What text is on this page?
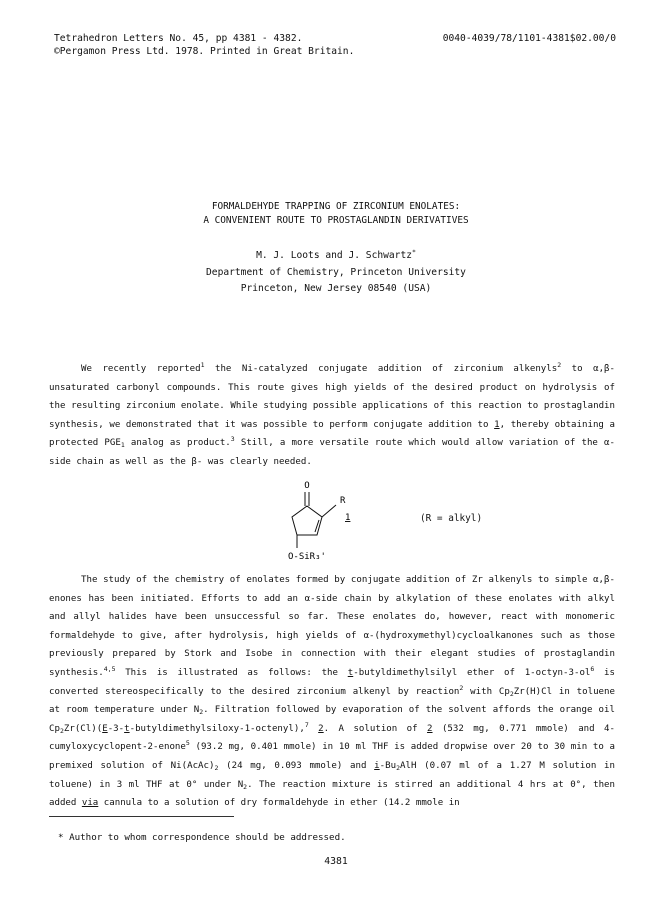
Tetrahedron Letters No. 45, pp 4381 - 4382.
©Pergamon Press Ltd. 1978. Printed in Great Britain.
0040-4039/78/1101-4381$02.00/0
FORMALDEHYDE TRAPPING OF ZIRCONIUM ENOLATES:
A CONVENIENT ROUTE TO PROSTAGLANDIN DERIVATIVES
M. J. Loots and J. Schwartz*
Department of Chemistry, Princeton University
Princeton, New Jersey 08540 (USA)

We recently reported$^1$ the Ni-catalyzed conjugate addition of zirconium alkenyls$^2$ to α,β-unsaturated carbonyl compounds. This route gives high yields of the desired product on hydrolysis of the resulting zirconium enolate. While studying possible applications of this reaction to prostaglandin synthesis, we demonstrated that it was possible to perform conjugate addition to 1, thereby obtaining a protected $PGE_1$ analog as product.$^3$ Still, a more versatile route which would allow variation of the α-side chain as well as the β- was clearly needed.

O
R
1
O-SiR₃'
(R = alkyl)

The study of the chemistry of enolates formed by conjugate addition of Zr alkenyls to simple α,β-enones has been initiated. Efforts to add an α-side chain by alkylation of these enolates with alkyl and allyl halides have been unsuccessful so far. These enolates do, however, react with monomeric formaldehyde to give, after hydrolysis, high yields of α-(hydroxymethyl)cycloalkanones such as those previously prepared by Stork and Isobe in connection with their elegant studies of prostaglandin synthesis.$^{4,5}$ This is illustrated as follows: the t-butyldimethylsilyl ether of $1-octyn-3-ol^6$ is converted stereospecifically to the desired zirconium alkenyl by reaction$^2$ with $Cp_2Zr(H)Cl$ in toluene at room temperature under $N_2$. Filtration followed by evaporation of the solvent affords the orange oil $Cp_2Zr(Cl)(E-3-t-butyldimethylsiloxy-1-octenyl),^7$ 2. A solution of 2 (532 mg, 0.771 mmole) and 4-cumyloxycyclopent-2-enone$^5$ (93.2 mg, 0.401 mmole) in 10 ml THF is added dropwise over 20 to 30 min to a premixed solution of $Ni(AcAc)_2$ (24 mg, 0.093 mmole) and $i-Bu_2AlH$ (0.07 ml of a 1.27 M solution in toluene) in 3 ml THF at 0° under $N_2$. The reaction mixture is stirred an additional 4 hrs at 0°, then added via cannula to a solution of dry formaldehyde in ether (14.2 mmole in

* Author to whom correspondence should be addressed.
4381
